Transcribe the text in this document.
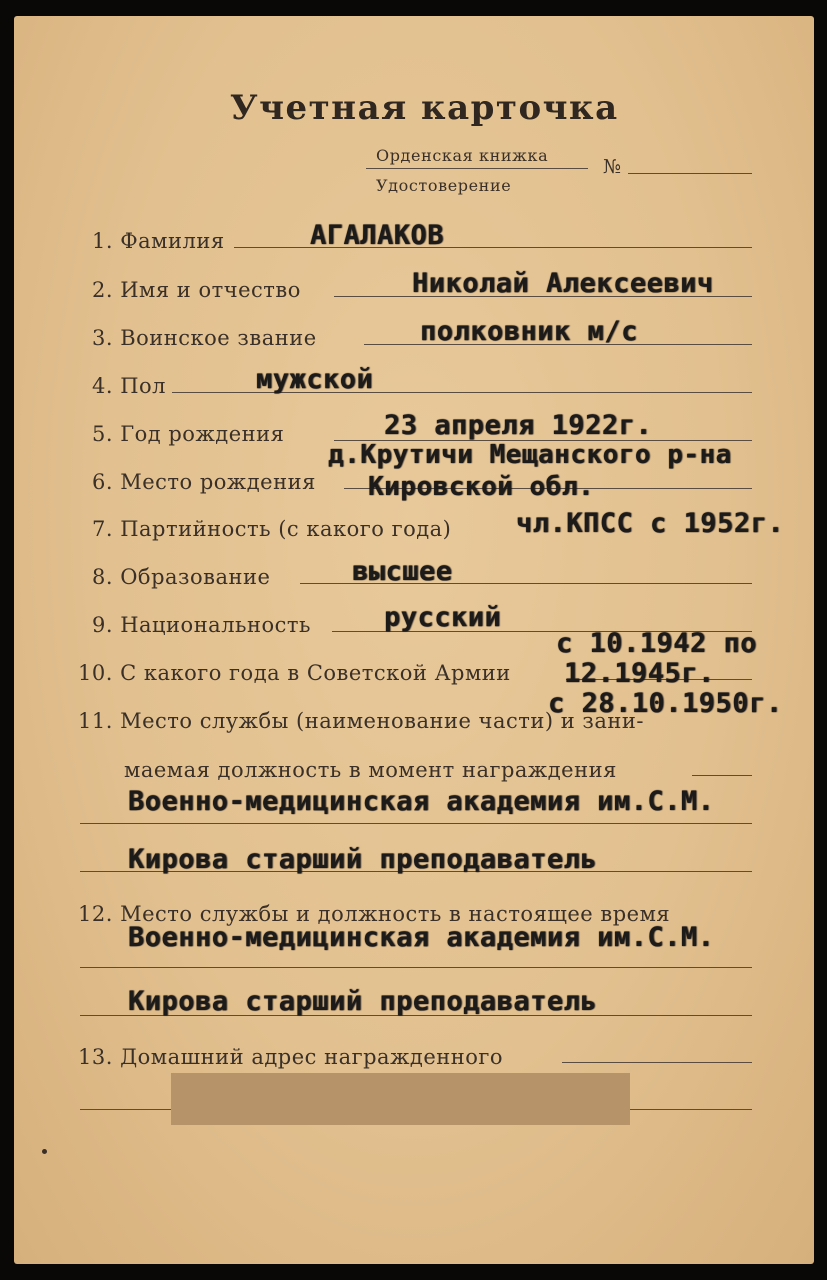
Учетная карточка
Орденская книжка
Удостоверение
№
1. Фамилия	АГАЛАКОВ
2. Имя и отчество	Николай Алексеевич
3. Воинское звание	полковник м/с
4. Пол	мужской
5. Год рождения	23 апреля 1922г.
6. Место рождения
д.Крутичи Мещанского р-на
Кировской обл.
7. Партийность (с какого года) чл.КПСС с 1952г.
8. Образование	высшее
9. Национальность	русский
10. С какого года в Советской Армии
с 10.1942 по
12.1945г.
с 28.10.1950г.
11. Место службы (наименование части) и зани-
маемая должность в момент награждения
Военно-медицинская академия им.С.М.
Кирова старший преподаватель
12. Место службы и должность в настоящее время
Военно-медицинская академия им.С.М.
Кирова старший преподаватель
13. Домашний адрес награжденного
